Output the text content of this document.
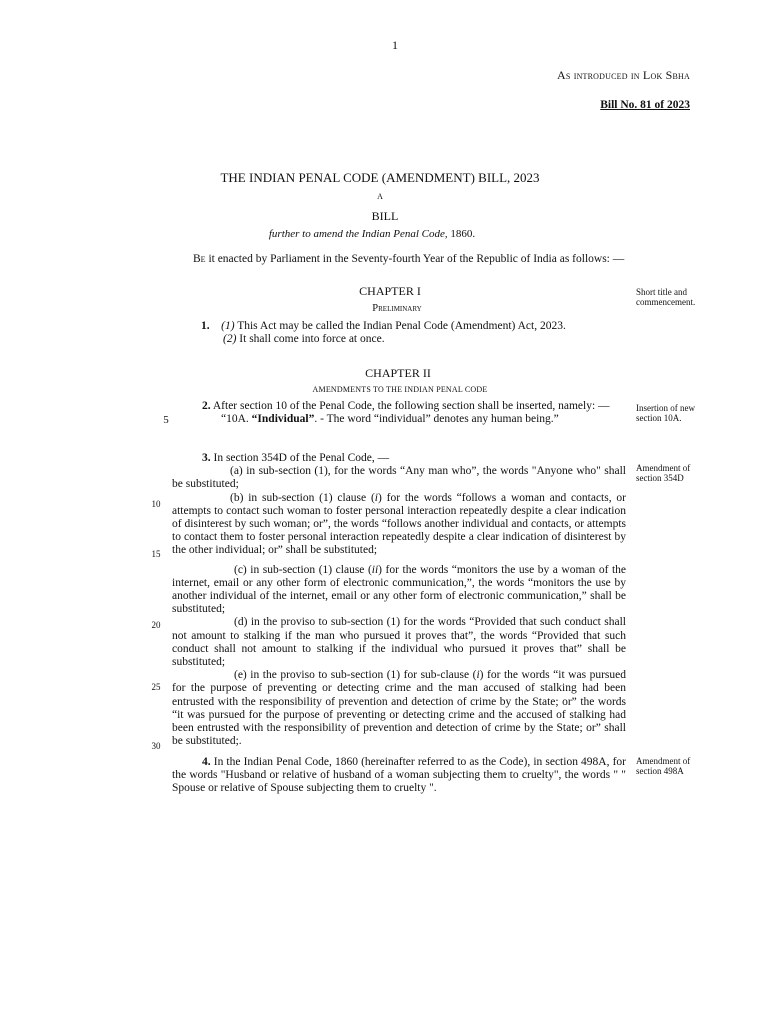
1
As introduced in Lok Sbha
Bill No. 81 of 2023
THE INDIAN PENAL CODE (AMENDMENT) BILL, 2023
A
BILL
further to amend the Indian Penal Code, 1860.
Be it enacted by Parliament in the Seventy-fourth Year of the Republic of India as follows: —
CHAPTER I
Preliminary
Short title and commencement.
1. (1) This Act may be called the Indian Penal Code (Amendment) Act, 2023.
(2) It shall come into force at once.
CHAPTER II
AMENDMENTS TO THE INDIAN PENAL CODE
2. After section 10 of the Penal Code, the following section shall be inserted, namely: —
“10A. “Individual”. - The word “individual” denotes any human being.”
Insertion of new section 10A.
3. In section 354D of the Penal Code, —
(a) in sub-section (1), for the words “Any man who”, the words "Anyone who" shall be substituted;
(b) in sub-section (1) clause (i) for the words “follows a woman and contacts, or attempts to contact such woman to foster personal interaction repeatedly despite a clear indication of disinterest by such woman; or”, the words “follows another individual and contacts, or attempts to contact them to foster personal interaction repeatedly despite a clear indication of disinterest by the other individual; or” shall be substituted;
(c) in sub-section (1) clause (ii) for the words “monitors the use by a woman of the internet, email or any other form of electronic communication,”, the words “monitors the use by another individual of the internet, email or any other form of electronic communication,” shall be substituted;
(d) in the proviso to sub-section (1) for the words “Provided that such conduct shall not amount to stalking if the man who pursued it proves that”, the words “Provided that such conduct shall not amount to stalking if the individual who pursued it proves that” shall be substituted;
(e) in the proviso to sub-section (1) for sub-clause (i) for the words “it was pursued for the purpose of preventing or detecting crime and the man accused of stalking had been entrusted with the responsibility of prevention and detection of crime by the State; or” the words “it was pursued for the purpose of preventing or detecting crime and the accused of stalking had been entrusted with the responsibility of prevention and detection of crime by the State; or” shall be substituted;.
Amendment of section 354D
4. In the Indian Penal Code, 1860 (hereinafter referred to as the Code), in section 498A, for the words "Husband or relative of husband of a woman subjecting them to cruelty", the words " " Spouse or relative of Spouse subjecting them to cruelty ".
Amendment of section 498A
5
10
15
20
25
30
